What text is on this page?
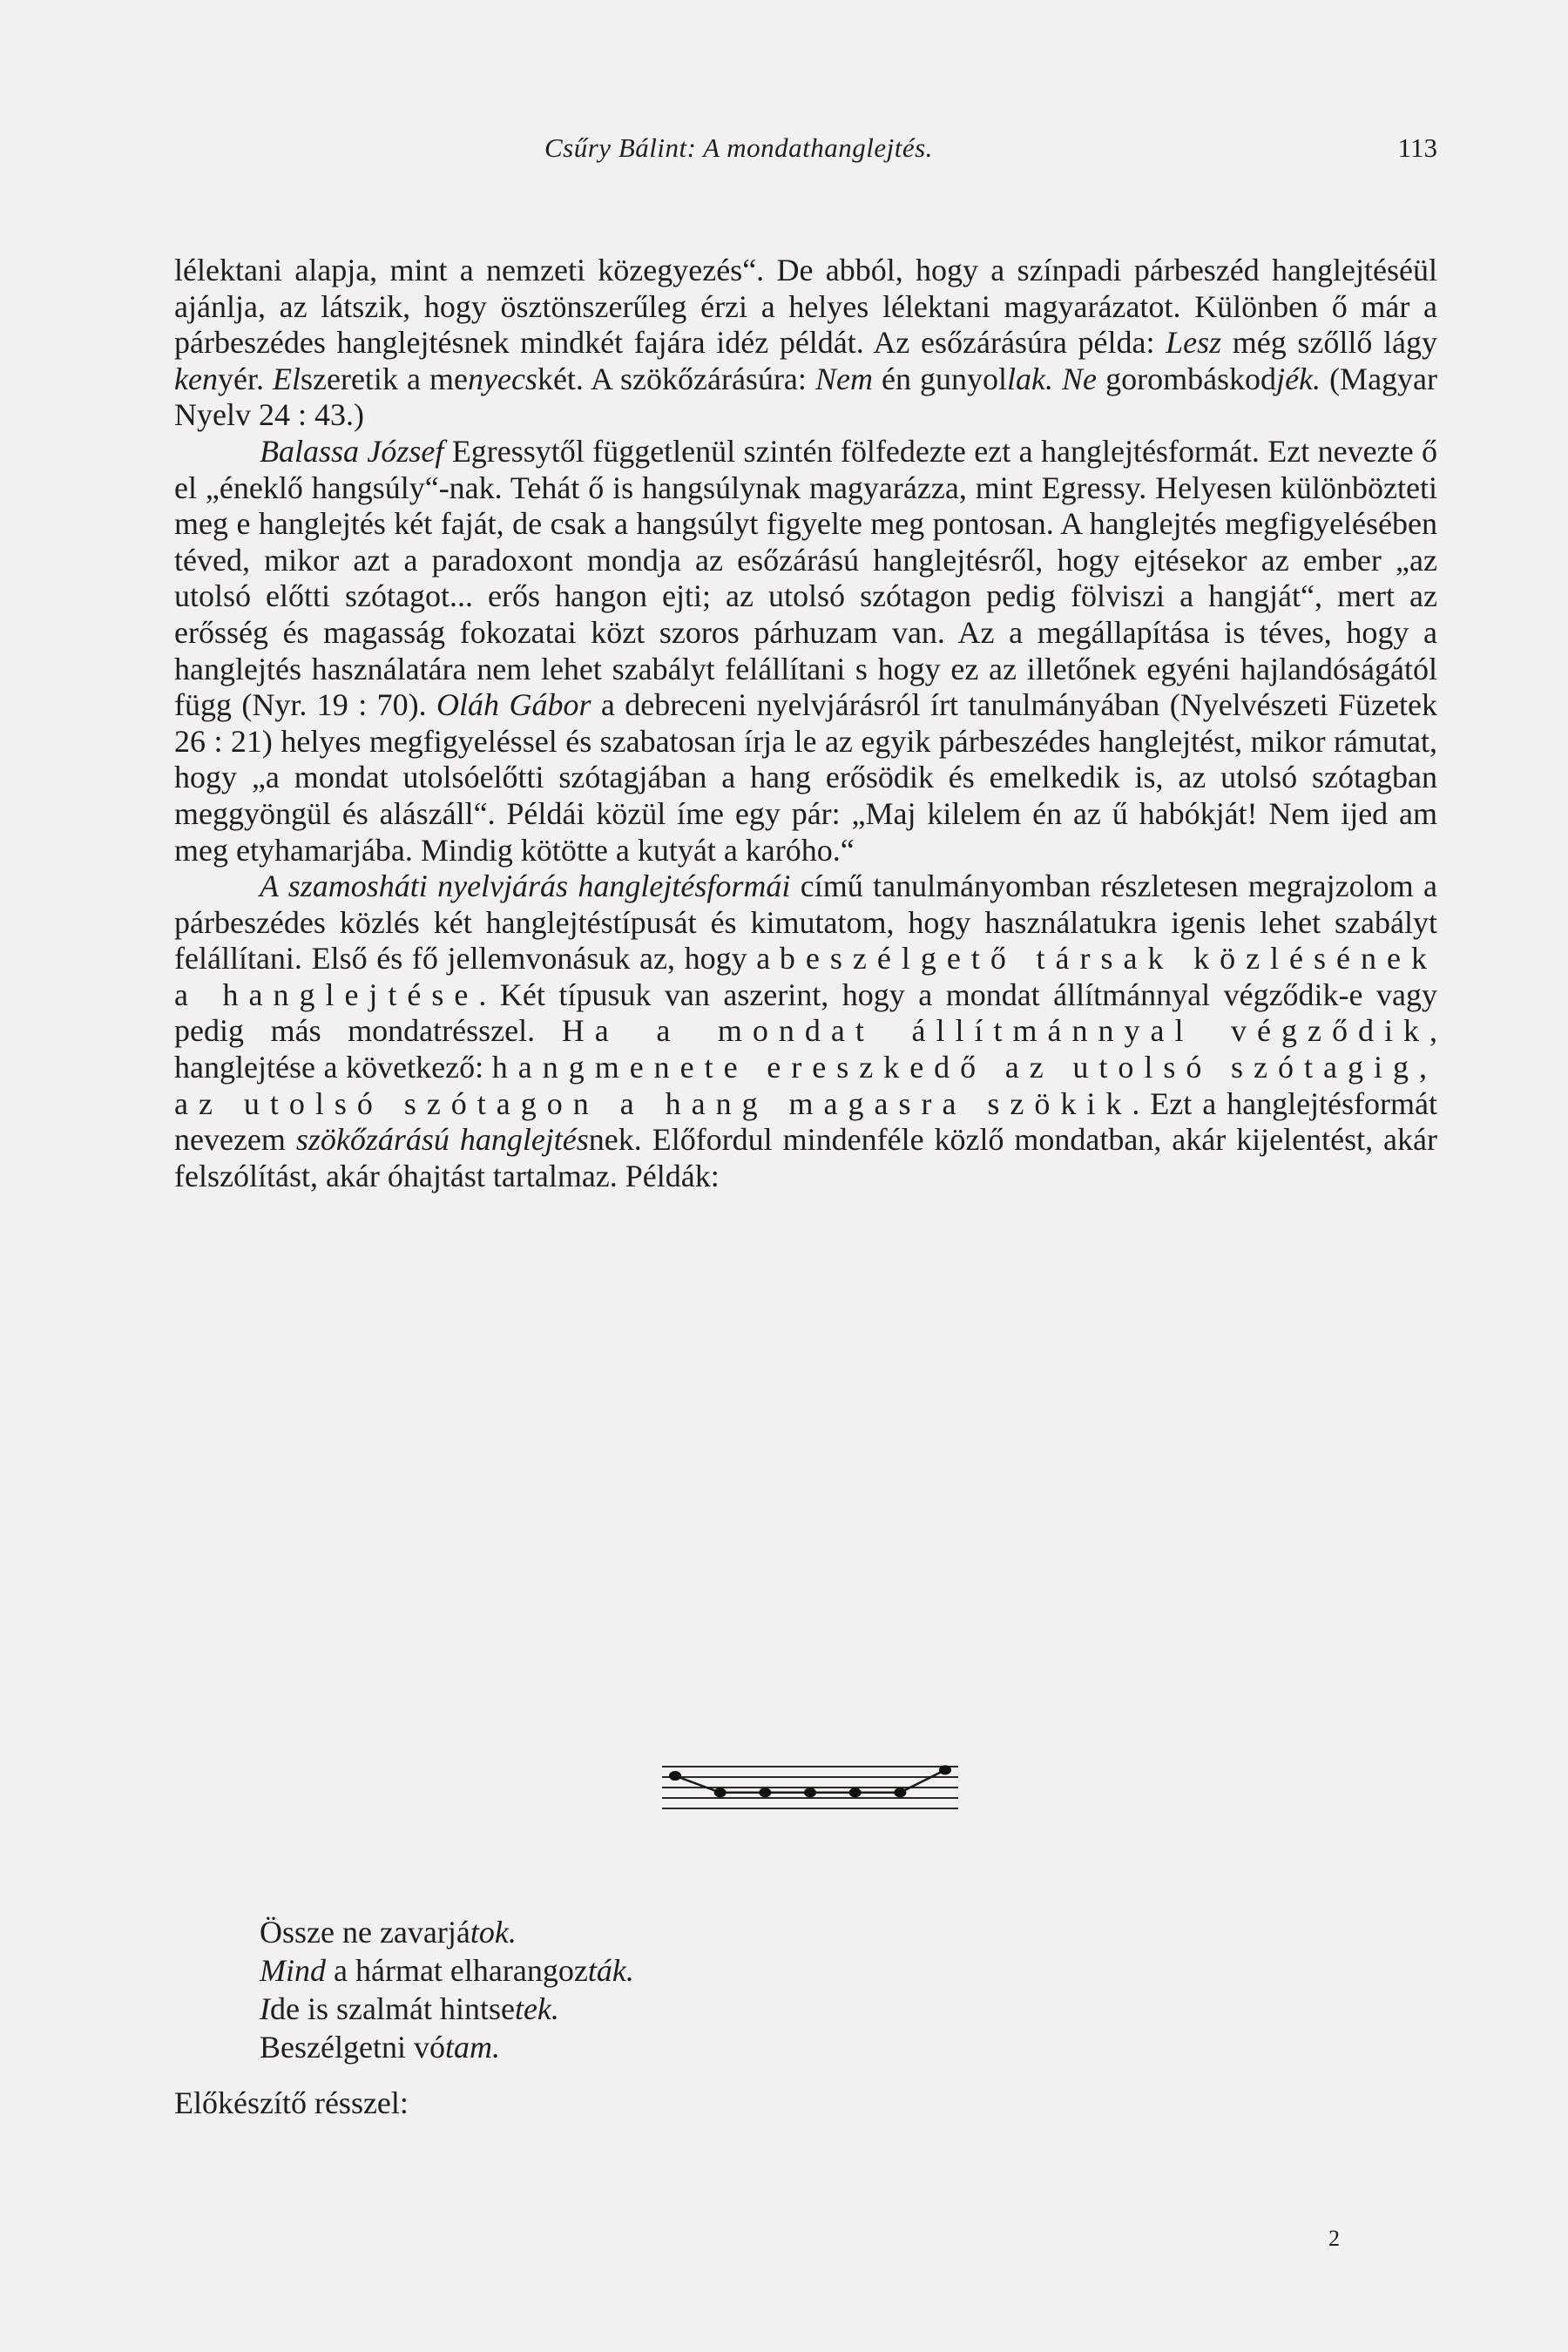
Csűry Bálint: A mondathanglejtés.	113

lélektani alapja, mint a nemzeti közegyezés“. De abból, hogy a színpadi párbeszéd hanglejtéséül ajánlja, az látszik, hogy ösztönszerűleg érzi a helyes lélektani magyarázatot. Különben ő már a párbeszédes hanglejtésnek mindkét fajára idéz példát. Az esőzárásúra példa: Lesz még szőllő lágy kenyér. Elszeretik a menyecskét. A szökőzárásúra: Nem én gunyollak. Ne gorombáskodjék. (Magyar Nyelv 24 : 43.)

Balassa József Egressytől függetlenül szintén fölfedezte ezt a hanglejtésformát. Ezt nevezte ő el „éneklő hangsúly“-nak. Tehát ő is hangsúlynak magyarázza, mint Egressy. Helyesen különbözteti meg e hanglejtés két faját, de csak a hangsúlyt figyelte meg pontosan. A hanglejtés megfigyelésében téved, mikor azt a paradoxont mondja az esőzárású hanglejtésről, hogy ejtésekor az ember „az utolsó előtti szótagot... erős hangon ejti; az utolsó szótagon pedig fölviszi a hangját“, mert az erősség és magasság fokozatai közt szoros párhuzam van. Az a megállapítása is téves, hogy a hanglejtés használatára nem lehet szabályt felállítani s hogy ez az illetőnek egyéni hajlandóságától függ (Nyr. 19 : 70). Oláh Gábor a debreceni nyelvjárásról írt tanulmányában (Nyelvészeti Füzetek 26 : 21) helyes megfigyeléssel és szabatosan írja le az egyik párbeszédes hanglejtést, mikor rámutat, hogy „a mondat utolsóelőtti szótagjában a hang erősödik és emelkedik is, az utolsó szótagban meggyöngül és alászáll“. Példái közül íme egy pár: „Maj kilelem én az ű habókját! Nem ijed am meg etyhamarjába. Mindig kötötte a kutyát a karóho.“

A szamosháti nyelvjárás hanglejtésformái című tanulmányomban részletesen megrajzolom a párbeszédes közlés két hanglejtéstípusát és kimutatom, hogy használatukra igenis lehet szabályt felállítani. Első és fő jellemvonásuk az, hogy a beszélgető társak közlésének a hanglejtése. Két típusuk van aszerint, hogy a mondat állítmánnyal végződik-e vagy pedig más mondatrésszel. Ha a mondat állítmánnyal végződik, hanglejtése a következő: hangmenete ereszkedő az utolsó szótagig, az utolsó szótagon a hang magasra szökik. Ezt a hanglejtésformát nevezem szökőzárású hanglejtésnek. Előfordul mindenféle közlő mondatban, akár kijelentést, akár felszólítást, akár óhajtást tartalmaz. Példák:

Össze ne zavarjátok.
Mind a hármat elharangozták.
Ide is szalmát hintsetek.
Beszélgetni vótam.
Előkészítő résszel:
2
